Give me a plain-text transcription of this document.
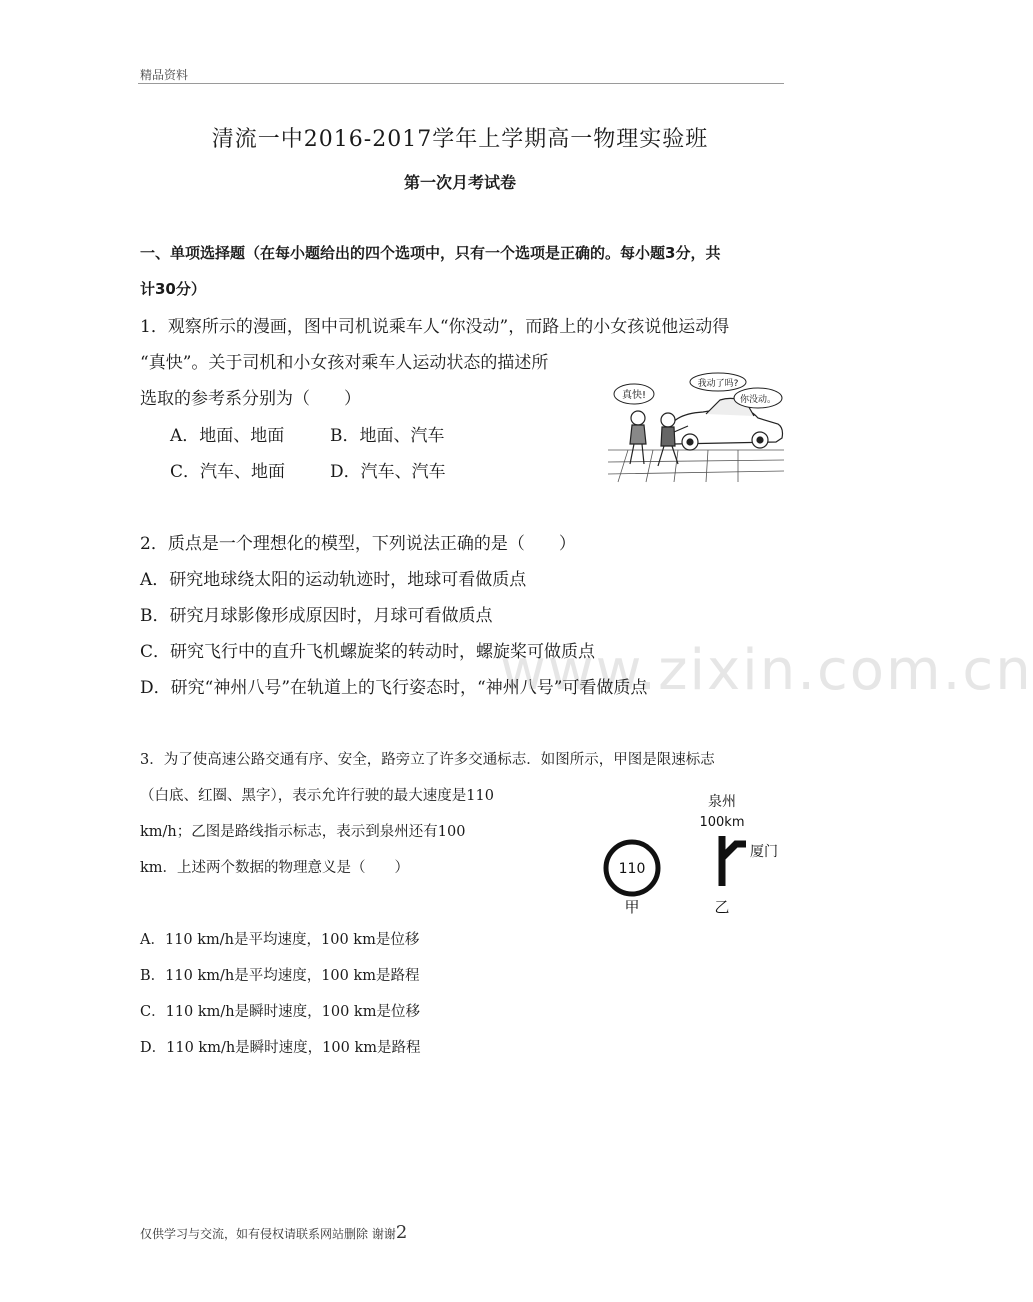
精品资料
www.zixin.com.cn
清流一中2016-2017学年上学期高一物理实验班
第一次月考试卷
一、单项选择题（在每小题给出的四个选项中，只有一个选项是正确的。每小题3分，共
计30分）
1．观察所示的漫画，图中司机说乘车人“你没动”，而路上的小女孩说他运动得
“真快”。关于司机和小女孩对乘车人运动状态的描述所
选取的参考系分别为（　　）
A．地面、地面	B．地面、汽车
C．汽车、地面	D．汽车、汽车
真快!
我动了吗?
你没动。
2．质点是一个理想化的模型，下列说法正确的是（　　）
A．研究地球绕太阳的运动轨迹时，地球可看做质点
B．研究月球影像形成原因时，月球可看做质点
C．研究飞行中的直升飞机螺旋桨的转动时，螺旋桨可做质点
D．研究“神州八号”在轨道上的飞行姿态时，“神州八号”可看做质点
3．为了使高速公路交通有序、安全，路旁立了许多交通标志．如图所示，甲图是限速标志
（白底、红圈、黑字），表示允许行驶的最大速度是110
km/h；乙图是路线指示标志，表示到泉州还有100
km．上述两个数据的物理意义是（　　）	110
甲
泉州
100km
厦门
乙
A．110 km/h是平均速度，100 km是位移
B．110 km/h是平均速度，100 km是路程
C．110 km/h是瞬时速度，100 km是位移
D．110 km/h是瞬时速度，100 km是路程
仅供学习与交流，如有侵权请联系网站删除 谢谢2
